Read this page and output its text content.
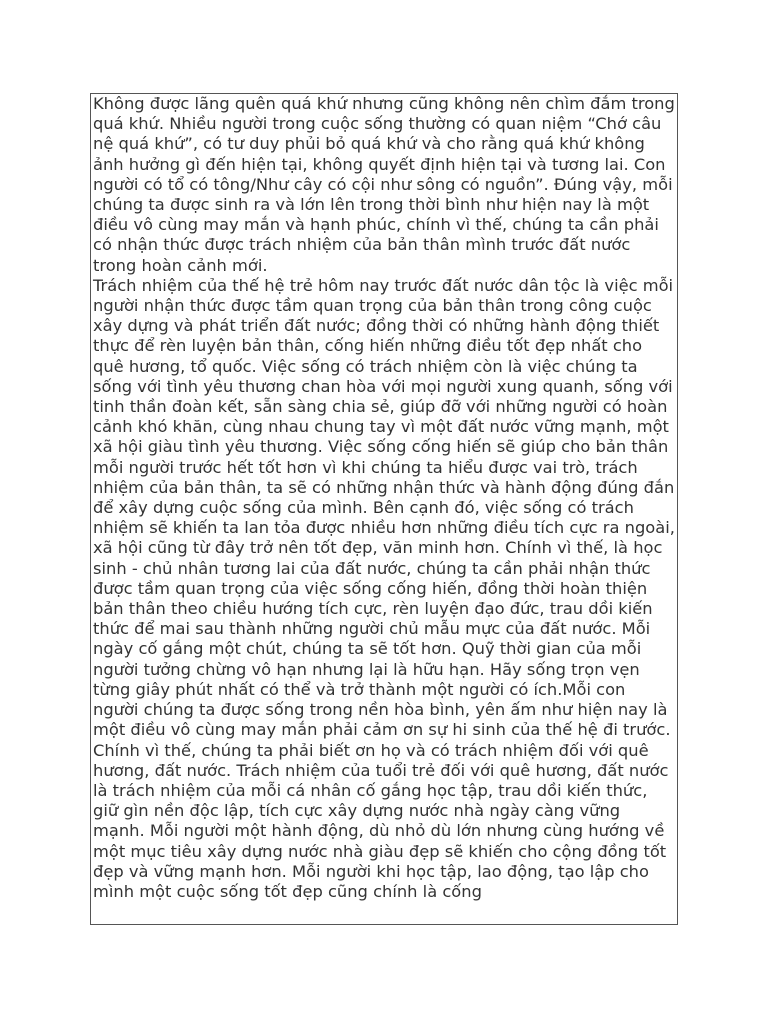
Không được lãng quên quá khứ nhưng cũng không nên chìm đắm trong quá khứ. Nhiều người trong cuộc sống thường có quan niệm “Chớ câu nệ quá khứ”, có tư duy phủi bỏ quá khứ và cho rằng quá khứ không ảnh hưởng gì đến hiện tại, không quyết định hiện tại và tương lai. Con người có tổ có tông/Như cây có cội như sông có nguồn”. Đúng vậy, mỗi chúng ta được sinh ra và lớn lên trong thời bình như hiện nay là một điều vô cùng may mắn và hạnh phúc, chính vì thế, chúng ta cần phải có nhận thức được trách nhiệm của bản thân mình trước đất nước trong hoàn cảnh mới.

Trách nhiệm của thế hệ trẻ hôm nay trước đất nước dân tộc là việc mỗi người nhận thức được tầm quan trọng của bản thân trong công cuộc xây dựng và phát triển đất nước; đồng thời có những hành động thiết thực để rèn luyện bản thân, cống hiến những điều tốt đẹp nhất cho quê hương, tổ quốc. Việc sống có trách nhiệm còn là việc chúng ta sống với tình yêu thương chan hòa với mọi người xung quanh, sống với tinh thần đoàn kết, sẵn sàng chia sẻ, giúp đỡ với những người có hoàn cảnh khó khăn, cùng nhau chung tay vì một đất nước vững mạnh, một xã hội giàu tình yêu thương. Việc sống cống hiến sẽ giúp cho bản thân mỗi người trước hết tốt hơn vì khi chúng ta hiểu được vai trò, trách nhiệm của bản thân, ta sẽ có những nhận thức và hành động đúng đắn để xây dựng cuộc sống của mình. Bên cạnh đó, việc sống có trách nhiệm sẽ khiến ta lan tỏa được nhiều hơn những điều tích cực ra ngoài, xã hội cũng từ đây trở nên tốt đẹp, văn minh hơn. Chính vì thế, là học sinh - chủ nhân tương lai của đất nước, chúng ta cần phải nhận thức được tầm quan trọng của việc sống cống hiến, đồng thời hoàn thiện bản thân theo chiều hướng tích cực, rèn luyện đạo đức, trau dồi kiến thức để mai sau thành những người chủ mẫu mực của đất nước. Mỗi ngày cố gắng một chút, chúng ta sẽ tốt hơn. Quỹ thời gian của mỗi người tưởng chừng vô hạn nhưng lại là hữu hạn. Hãy sống trọn vẹn từng giây phút nhất có thể và trở thành một người có ích.Mỗi con người chúng ta được sống trong nền hòa bình, yên ấm như hiện nay là một điều vô cùng may mắn phải cảm ơn sự hi sinh của thế hệ đi trước. Chính vì thế, chúng ta phải biết ơn họ và có trách nhiệm đối với quê hương, đất nước. Trách nhiệm của tuổi trẻ đối với quê hương, đất nước là trách nhiệm của mỗi cá nhân cố gắng học tập, trau dồi kiến thức, giữ gìn nền độc lập, tích cực xây dựng nước nhà ngày càng vững mạnh. Mỗi người một hành động, dù nhỏ dù lớn nhưng cùng hướng về một mục tiêu xây dựng nước nhà giàu đẹp sẽ khiến cho cộng đồng tốt đẹp và vững mạnh hơn. Mỗi người khi học tập, lao động, tạo lập cho mình một cuộc sống tốt đẹp cũng chính là cống
